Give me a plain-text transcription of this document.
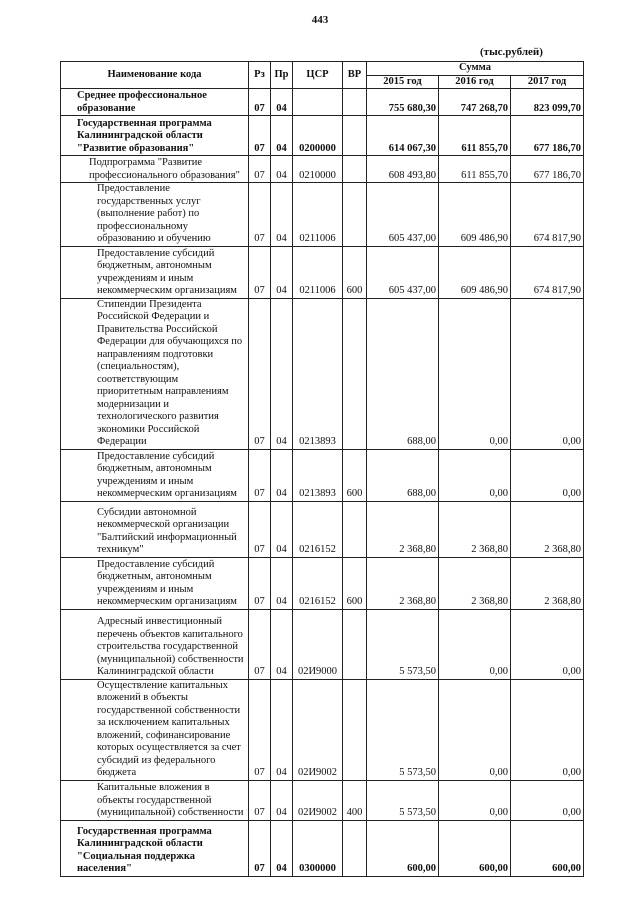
443
(тыс.рублей)
Наименование кода	Рз	Пр	ЦСР	ВР	Сумма		
					2015 год	2016 год	2017 год
Среднее профессиональное образование	07	04			755 680,30	747 268,70	823 099,70
Государственная программа Калининградской области "Развитие образования"	07	04	0200000		614 067,30	611 855,70	677 186,70
Подпрограмма "Развитие профессионального образования"	07	04	0210000		608 493,80	611 855,70	677 186,70
Предоставление государственных услуг (выполнение работ) по профессиональному образованию и обучению	07	04	0211006		605 437,00	609 486,90	674 817,90
Предоставление субсидий бюджетным, автономным учреждениям и иным некоммерческим организациям	07	04	0211006	600	605 437,00	609 486,90	674 817,90
Стипендии Президента Российской Федерации и Правительства Российской Федерации для обучающихся по направлениям подготовки (специальностям), соответствующим приоритетным направлениям модернизации и технологического развития экономики Российской Федерации	07	04	0213893		688,00	0,00	0,00
Предоставление субсидий бюджетным, автономным учреждениям и иным некоммерческим организациям	07	04	0213893	600	688,00	0,00	0,00
Субсидии автономной некоммерческой организации "Балтийский информационный техникум"	07	04	0216152		2 368,80	2 368,80	2 368,80
Предоставление субсидий бюджетным, автономным учреждениям и иным некоммерческим организациям	07	04	0216152	600	2 368,80	2 368,80	2 368,80
Адресный инвестиционный перечень объектов капитального строительства государственной (муниципальной) собственности Калининградской области	07	04	02И9000		5 573,50	0,00	0,00
Осуществление капитальных вложений в объекты государственной собственности за исключением капитальных вложений, софинансирование которых осуществляется за счет субсидий из федерального бюджета	07	04	02И9002		5 573,50	0,00	0,00
Капитальные вложения в объекты государственной (муниципальной) собственности	07	04	02И9002	400	5 573,50	0,00	0,00
Государственная программа Калининградской области "Социальная поддержка населения"	07	04	0300000		600,00	600,00	600,00
